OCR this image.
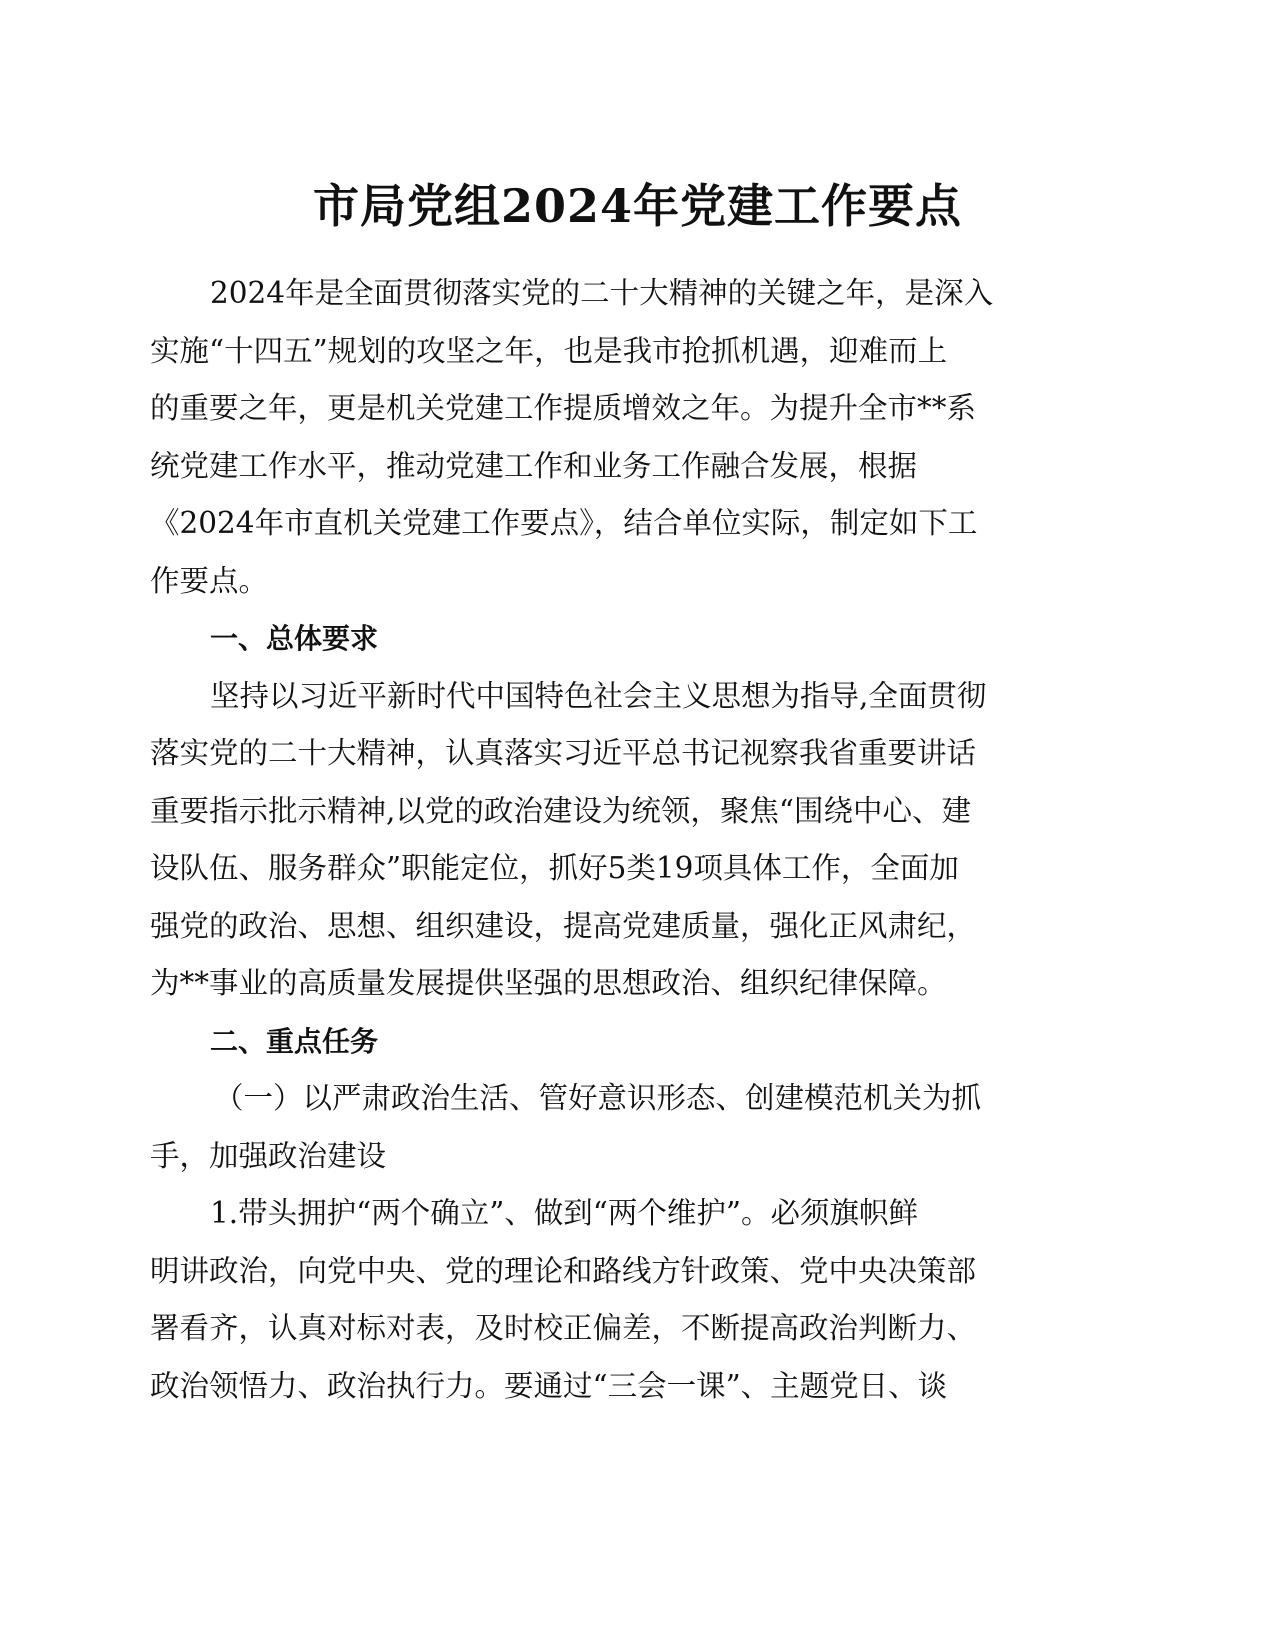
市局党组2024年党建工作要点
2024年是全面贯彻落实党的二十大精神的关键之年，是深入
实施“十四五”规划的攻坚之年，也是我市抢抓机遇，迎难而上
的重要之年，更是机关党建工作提质增效之年。为提升全市**系
统党建工作水平，推动党建工作和业务工作融合发展，根据
《2024年市直机关党建工作要点》，结合单位实际，制定如下工
作要点。
一、总体要求
坚持以习近平新时代中国特色社会主义思想为指导,全面贯彻
落实党的二十大精神，认真落实习近平总书记视察我省重要讲话
重要指示批示精神,以党的政治建设为统领，聚焦“围绕中心、建
设队伍、服务群众”职能定位，抓好5类19项具体工作，全面加
强党的政治、思想、组织建设，提高党建质量，强化正风肃纪，
为**事业的高质量发展提供坚强的思想政治、组织纪律保障。
二、重点任务
（一）以严肃政治生活、管好意识形态、创建模范机关为抓
手，加强政治建设
1.带头拥护“两个确立”、做到“两个维护”。必须旗帜鲜
明讲政治，向党中央、党的理论和路线方针政策、党中央决策部
署看齐，认真对标对表，及时校正偏差，不断提高政治判断力、
政治领悟力、政治执行力。要通过“三会一课”、主题党日、谈
